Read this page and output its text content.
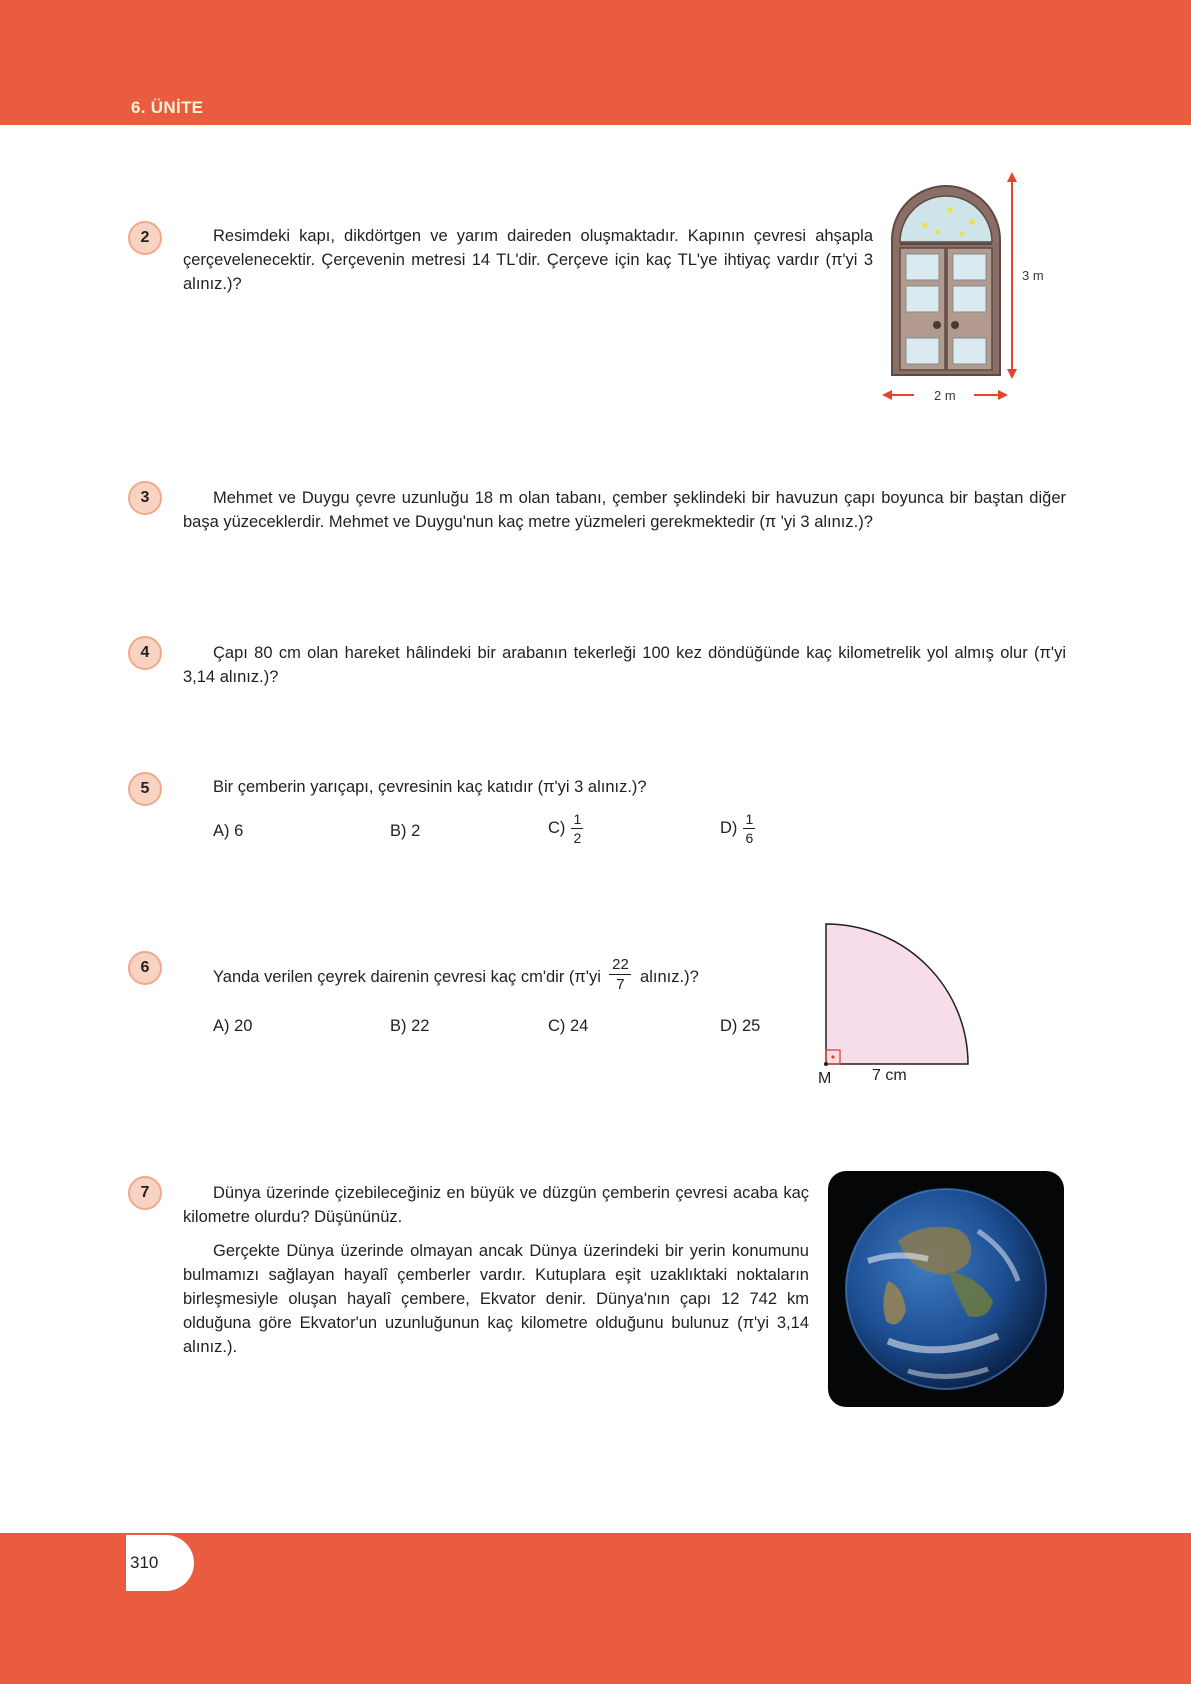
6. ÜNİTE
2	Resimdeki kapı, dikdörtgen ve yarım daireden oluşmaktadır. Kapının çevresi ahşapla çerçevelenecektir. Çerçevenin metresi 14 TL'dir. Çerçeve için kaç TL'ye ihtiyaç vardır (π'yi 3 alınız.)?	3 m
2 m
3	Mehmet ve Duygu çevre uzunluğu 18 m olan tabanı, çember şeklindeki bir havuzun çapı boyunca bir baştan diğer başa yüzeceklerdir. Mehmet ve Duygu'nun kaç metre yüzmeleri gerekmektedir (π 'yi 3 alınız.)?

4	Çapı 80 cm olan hareket hâlindeki bir arabanın tekerleği 100 kez döndüğünde kaç kilometrelik yol almış olur (π'yi 3,14 alınız.)?

5	Bir çemberin yarıçapı, çevresinin kaç katıdır (π'yi 3 alınız.)?

A) 6	B) 2	$C) \frac{1}{2}$	$D) \frac{1}{6}$
6
Yanda verilen çeyrek dairenin çevresi kaç cm'dir ($\pi'yi \frac{22}{7}$ alınız.)?
A) 20	B) 22	C) 24	D) 25
M	7 cm
7	Dünya üzerinde çizebileceğiniz en büyük ve düzgün çemberin çevresi acaba kaç kilometre olurdu? Düşününüz.

Gerçekte Dünya üzerinde olmayan ancak Dünya üzerindeki bir yerin konumunu bulmamızı sağlayan hayalî çemberler vardır. Kutuplara eşit uzaklıktaki noktaların birleşmesiyle oluşan hayalî çembere, Ekvator denir. Dünya'nın çapı 12 742 km olduğuna göre Ekvator'un uzunluğunun kaç kilometre olduğunu bulunuz (π'yi 3,14 alınız.).

310
